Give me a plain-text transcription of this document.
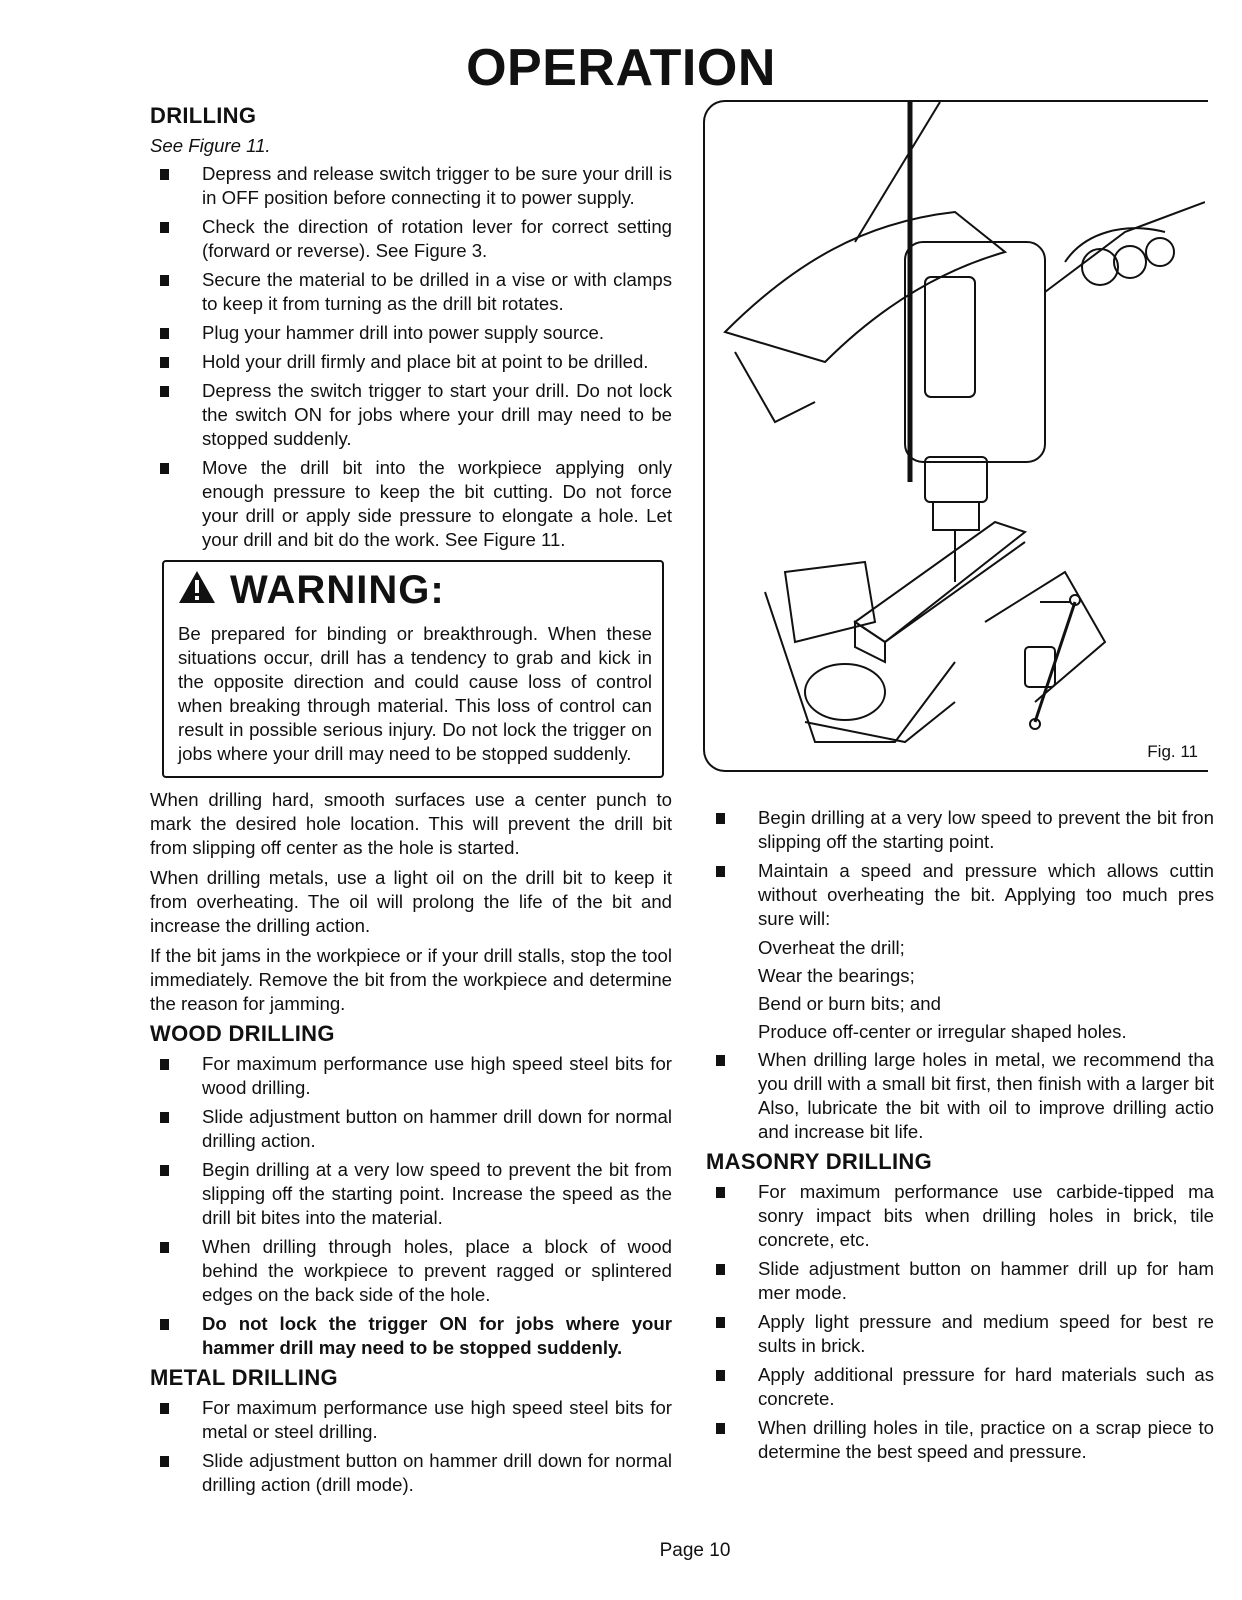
OPERATION
DRILLING

See Figure 11.

Depress and release switch trigger to be sure your drill is in OFF position before connecting it to power supply.
Check the direction of rotation lever for correct setting (forward or reverse). See Figure 3.
Secure the material to be drilled in a vise or with clamps to keep it from turning as the drill bit rotates.
Plug your hammer drill into power supply source.
Hold your drill firmly and place bit at point to be drilled.
Depress the switch trigger to start your drill. Do not lock the switch ON for jobs where your drill may need to be stopped suddenly.
Move the drill bit into the workpiece applying only enough pressure to keep the bit cutting. Do not force your drill or apply side pressure to elongate a hole. Let your drill and bit do the work. See Figure 11.
WARNING:
Be prepared for binding or breakthrough. When these situations occur, drill has a tendency to grab and kick in the opposite direction and could cause loss of control when breaking through material. This loss of control can result in possible serious injury. Do not lock the trigger on jobs where your drill may need to be stopped suddenly.

When drilling hard, smooth surfaces use a center punch to mark the desired hole location. This will prevent the drill bit from slipping off center as the hole is started.

When drilling metals, use a light oil on the drill bit to keep it from overheating. The oil will prolong the life of the bit and increase the drilling action.

If the bit jams in the workpiece or if your drill stalls, stop the tool immediately. Remove the bit from the workpiece and determine the reason for jamming.

WOOD DRILLING
For maximum performance use high speed steel bits for wood drilling.
Slide adjustment button on hammer drill down for normal drilling action.
Begin drilling at a very low speed to prevent the bit from slipping off the starting point. Increase the speed as the drill bit bites into the material.
When drilling through holes, place a block of wood behind the workpiece to prevent ragged or splintered edges on the back side of the hole.
Do not lock the trigger ON for jobs where your hammer drill may need to be stopped suddenly.
METAL DRILLING
For maximum performance use high speed steel bits for metal or steel drilling.
Slide adjustment button on hammer drill down for normal drilling action (drill mode).
Fig. 11
Begin drilling at a very low speed to prevent the bit fron slipping off the starting point.
Maintain a speed and pressure which allows cuttin without overheating the bit. Applying too much pres sure will:

Overheat the drill;

Wear the bearings;

Bend or burn bits; and

Produce off-center or irregular shaped holes.

When drilling large holes in metal, we recommend tha you drill with a small bit first, then finish with a larger bit Also, lubricate the bit with oil to improve drilling actio and increase bit life.
MASONRY DRILLING
For maximum performance use carbide-tipped ma sonry impact bits when drilling holes in brick, tile concrete, etc.
Slide adjustment button on hammer drill up for ham mer mode.
Apply light pressure and medium speed for best re sults in brick.
Apply additional pressure for hard materials such as concrete.
When drilling holes in tile, practice on a scrap piece to determine the best speed and pressure.
Page 10
